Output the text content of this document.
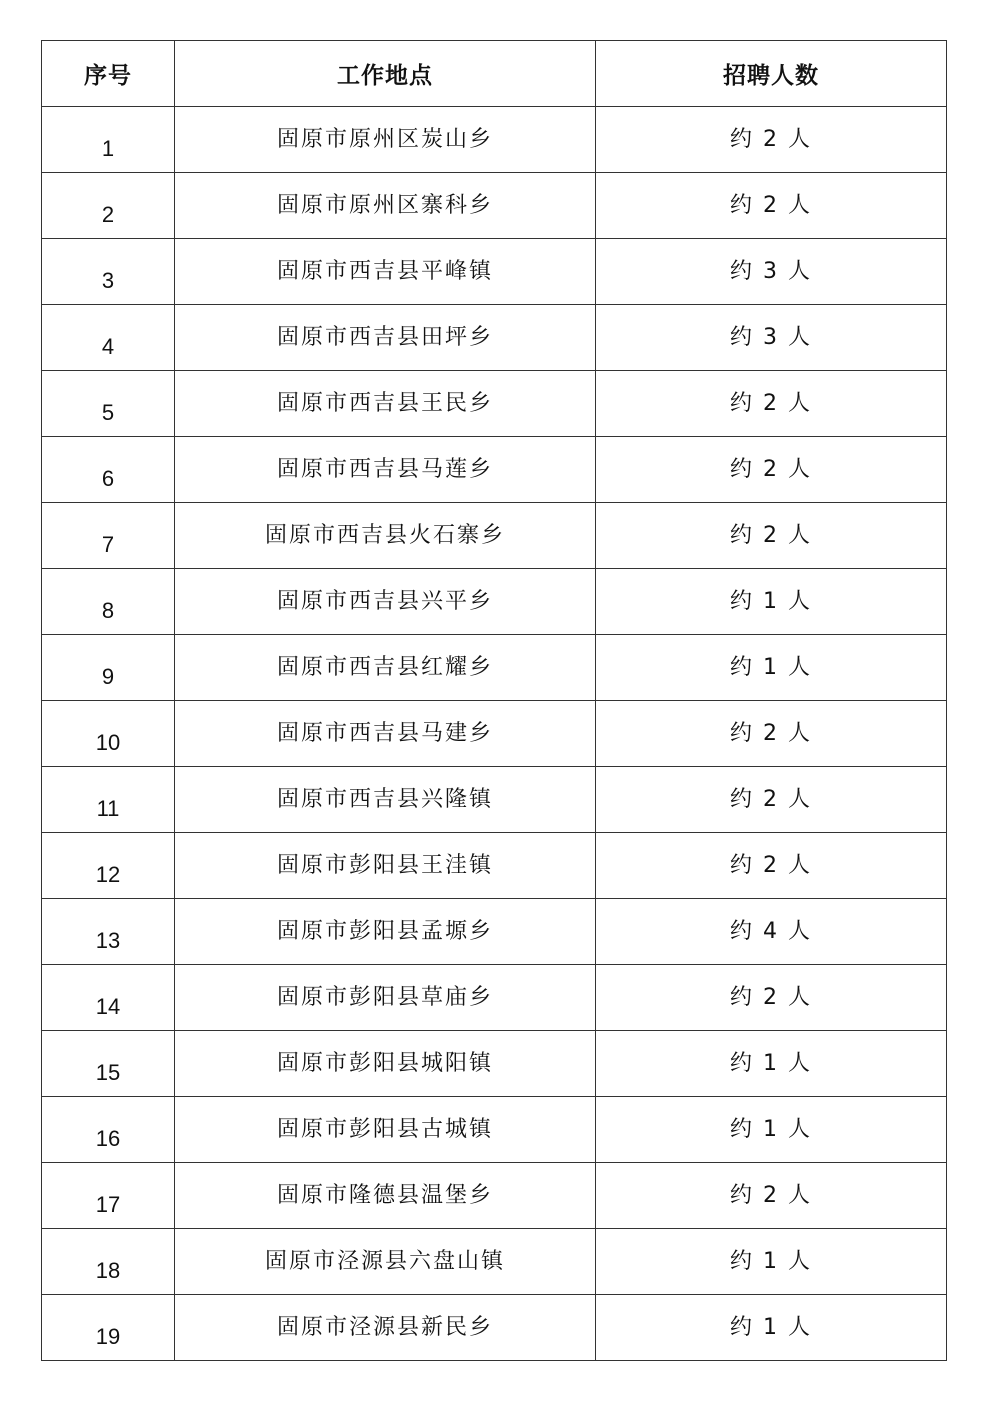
序号	工作地点	招聘人数
1	固原市原州区炭山乡	约 2 人
2	固原市原州区寨科乡	约 2 人
3	固原市西吉县平峰镇	约 3 人
4	固原市西吉县田坪乡	约 3 人
5	固原市西吉县王民乡	约 2 人
6	固原市西吉县马莲乡	约 2 人
7	固原市西吉县火石寨乡	约 2 人
8	固原市西吉县兴平乡	约 1 人
9	固原市西吉县红耀乡	约 1 人
10	固原市西吉县马建乡	约 2 人
11	固原市西吉县兴隆镇	约 2 人
12	固原市彭阳县王洼镇	约 2 人
13	固原市彭阳县孟塬乡	约 4 人
14	固原市彭阳县草庙乡	约 2 人
15	固原市彭阳县城阳镇	约 1 人
16	固原市彭阳县古城镇	约 1 人
17	固原市隆德县温堡乡	约 2 人
18	固原市泾源县六盘山镇	约 1 人
19	固原市泾源县新民乡	约 1 人
